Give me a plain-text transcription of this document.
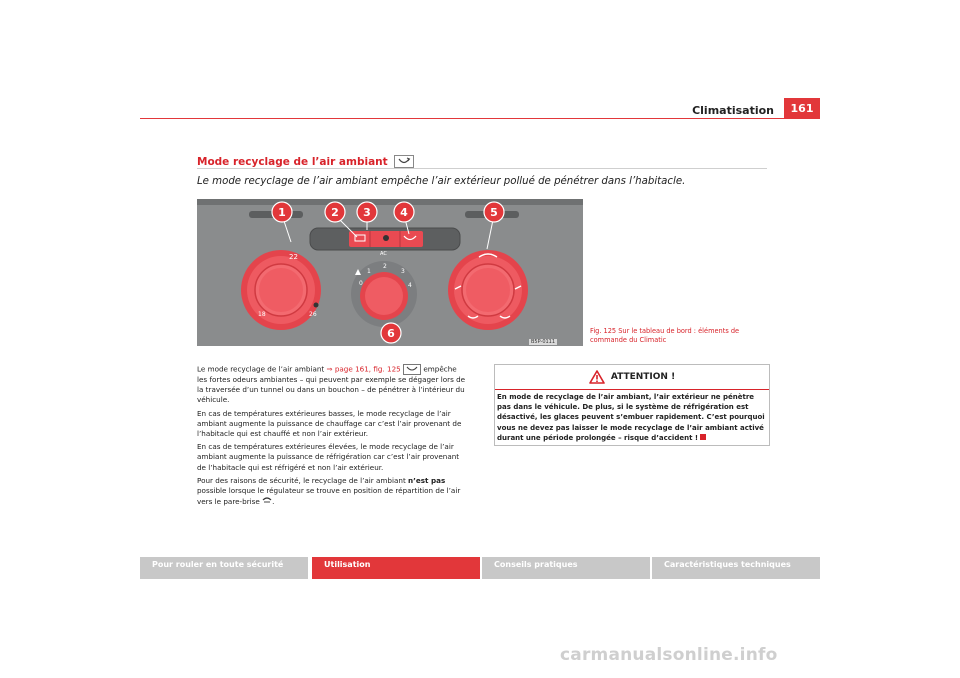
Climatisation	161
Mode recyclage de l’air ambiant
Le mode recyclage de l’air ambiant empêche l’air extérieur pollué de pénétrer dans l’habitacle.
AC
22
18	26
0
1
2
3
4
1	2 3	4	5
6
B5P-0111
Fig. 125 Sur le tableau de bord : éléments de commande du Climatic

Le mode recyclage de l’air ambiant ⇒ page 161, fig. 125	empêche les fortes odeurs ambiantes – qui peuvent par exemple se dégager lors de la traversée d’un tunnel ou dans un bouchon – de pénétrer à l’intérieur du véhicule.

En cas de températures extérieures basses, le mode recyclage de l’air ambiant augmente la puissance de chauffage car c’est l’air provenant de l’habitacle qui est chauffé et non l’air extérieur.

En cas de températures extérieures élevées, le mode recyclage de l’air ambiant augmente la puissance de réfrigération car c’est l’air provenant de l’habitacle qui est réfrigéré et non l’air extérieur.

Pour des raisons de sécurité, le recyclage de l’air ambiant n’est pas possible lorsque le régulateur se trouve en position de répartition de l’air vers le pare-brise .

ATTENTION !
En mode de recyclage de l’air ambiant, l’air extérieur ne pénètre pas dans le véhicule. De plus, si le système de réfrigération est désactivé, les glaces peuvent s’embuer rapidement. C’est pourquoi vous ne devez pas laisser le mode recyclage de l’air ambiant activé durant une période prolongée – risque d’accident !
Pour rouler en toute sécurité	Utilisation	Conseils pratiques	Caractéristiques techniques
carmanualsonline.info
